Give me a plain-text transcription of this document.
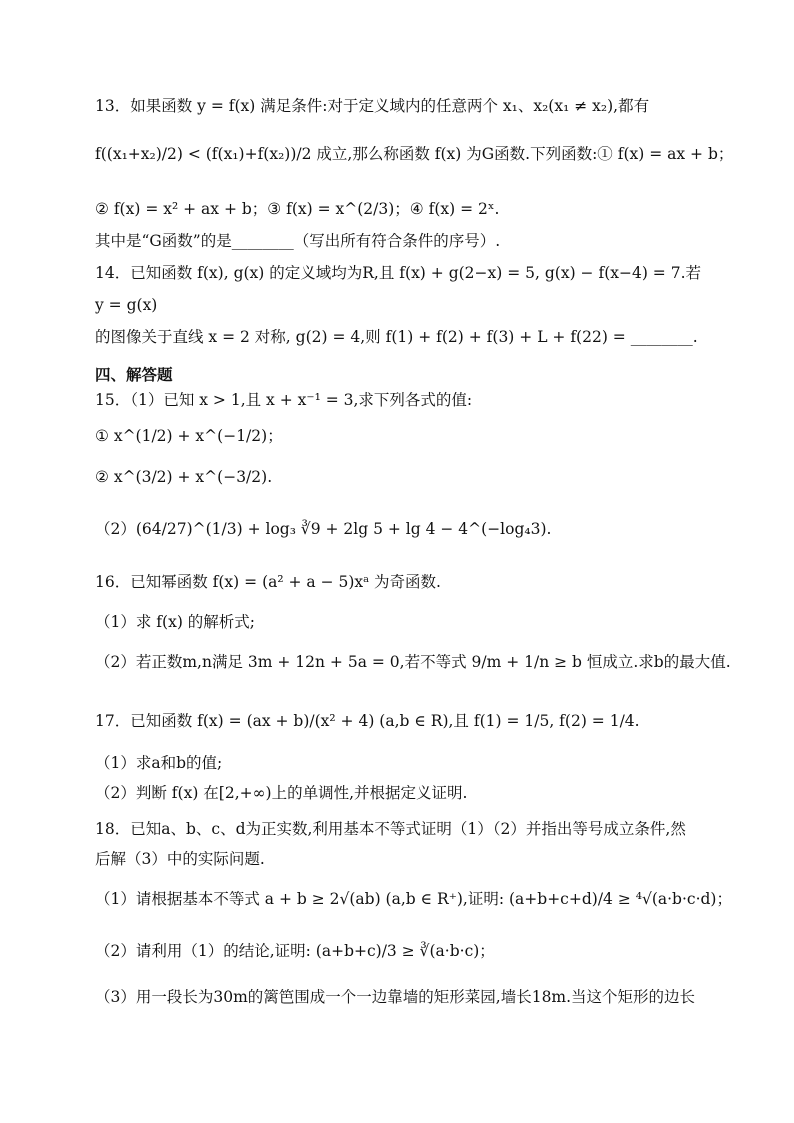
13．如果函数 y = f(x) 满足条件:对于定义域内的任意两个 x₁、x₂(x₁ ≠ x₂),都有
f((x₁+x₂)/2) < (f(x₁)+f(x₂))/2 成立,那么称函数 f(x) 为G函数.下列函数:① f(x) = ax + b；
② f(x) = x² + ax + b；③ f(x) = x^(2/3)；④ f(x) = 2ˣ.
其中是“G函数”的是________（写出所有符合条件的序号）.
14．已知函数 f(x), g(x) 的定义域均为R,且 f(x) + g(2−x) = 5, g(x) − f(x−4) = 7.若
y = g(x)
的图像关于直线 x = 2 对称, g(2) = 4,则 f(1) + f(2) + f(3) + L + f(22) = ________.
四、解答题
15．（1）已知 x > 1,且 x + x⁻¹ = 3,求下列各式的值:
① x^(1/2) + x^(−1/2)；
② x^(3/2) + x^(−3/2).
（2）(64/27)^(1/3) + log₃ ∛9 + 2lg 5 + lg 4 − 4^(−log₄3).
16．已知幂函数 f(x) = (a² + a − 5)xᵃ 为奇函数.
（1）求 f(x) 的解析式;
（2）若正数m,n满足 3m + 12n + 5a = 0,若不等式 9/m + 1/n ≥ b 恒成立.求b的最大值.
17．已知函数 f(x) = (ax + b)/(x² + 4) (a,b ∈ R),且 f(1) = 1/5, f(2) = 1/4.
（1）求a和b的值;
（2）判断 f(x) 在[2,+∞)上的单调性,并根据定义证明.
18．已知a、b、c、d为正实数,利用基本不等式证明（1）（2）并指出等号成立条件,然
后解（3）中的实际问题.
（1）请根据基本不等式 a + b ≥ 2√(ab) (a,b ∈ R⁺),证明: (a+b+c+d)/4 ≥ ⁴√(a·b·c·d)；
（2）请利用（1）的结论,证明: (a+b+c)/3 ≥ ∛(a·b·c)；
（3）用一段长为30m的篱笆围成一个一边靠墙的矩形菜园,墙长18m.当这个矩形的边长
